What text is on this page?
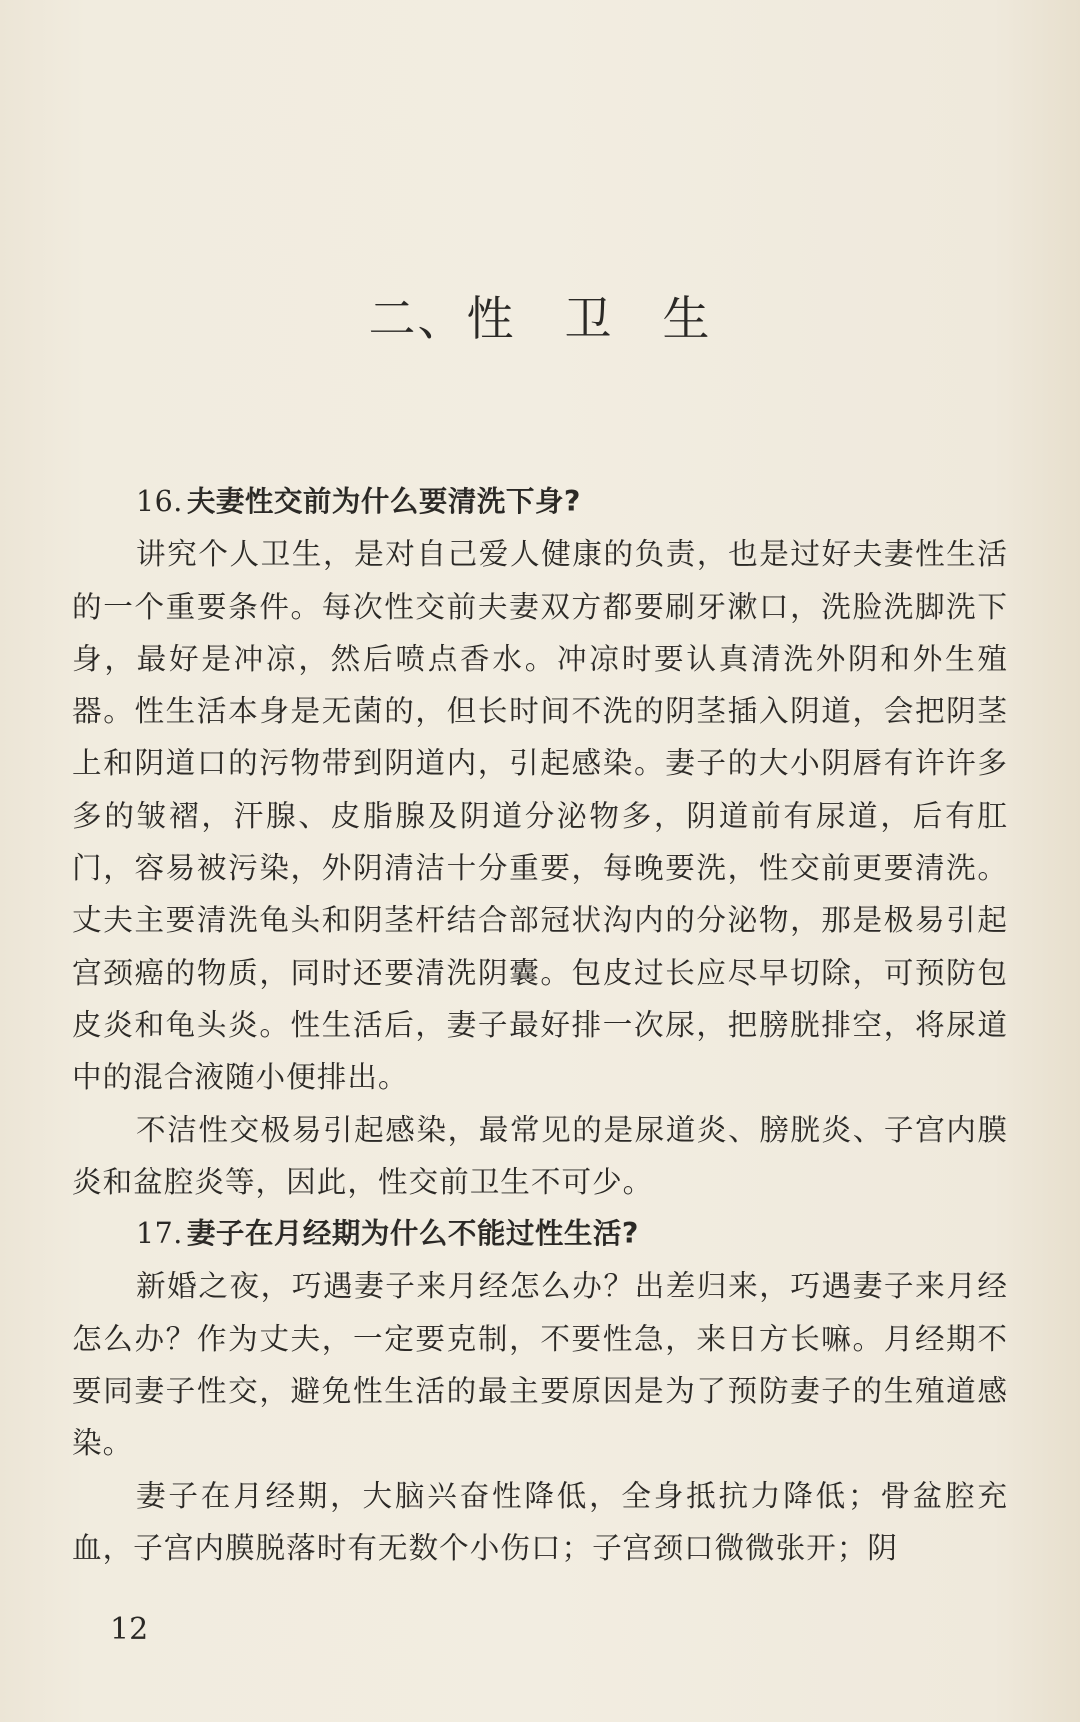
二、性　卫　生

16. 夫妻性交前为什么要清洗下身?

讲究个人卫生，是对自己爱人健康的负责，也是过好夫妻性生活的一个重要条件。每次性交前夫妻双方都要刷牙漱口，洗脸洗脚洗下身，最好是冲凉，然后喷点香水。冲凉时要认真清洗外阴和外生殖器。性生活本身是无菌的，但长时间不洗的阴茎插入阴道，会把阴茎上和阴道口的污物带到阴道内，引起感染。妻子的大小阴唇有许许多多的皱褶，汗腺、皮脂腺及阴道分泌物多，阴道前有尿道，后有肛门，容易被污染，外阴清洁十分重要，每晚要洗，性交前更要清洗。丈夫主要清洗龟头和阴茎杆结合部冠状沟内的分泌物，那是极易引起宫颈癌的物质，同时还要清洗阴囊。包皮过长应尽早切除，可预防包皮炎和龟头炎。性生活后，妻子最好排一次尿，把膀胱排空，将尿道中的混合液随小便排出。

不洁性交极易引起感染，最常见的是尿道炎、膀胱炎、子宫内膜炎和盆腔炎等，因此，性交前卫生不可少。

17. 妻子在月经期为什么不能过性生活?

新婚之夜，巧遇妻子来月经怎么办？出差归来，巧遇妻子来月经怎么办？作为丈夫，一定要克制，不要性急，来日方长嘛。月经期不要同妻子性交，避免性生活的最主要原因是为了预防妻子的生殖道感染。

妻子在月经期，大脑兴奋性降低，全身抵抗力降低；骨盆腔充血，子宫内膜脱落时有无数个小伤口；子宫颈口微微张开；阴

12
